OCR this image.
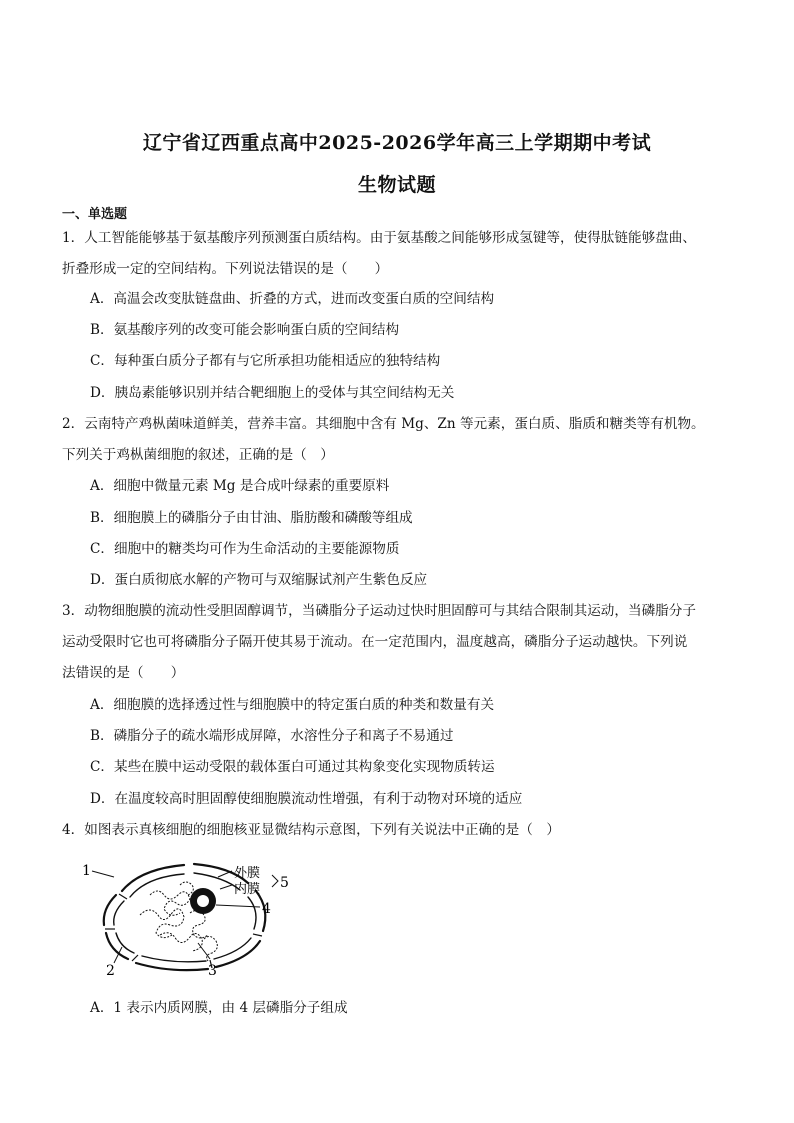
辽宁省辽西重点高中2025-2026学年高三上学期期中考试
生物试题
一、单选题
1．人工智能能够基于氨基酸序列预测蛋白质结构。由于氨基酸之间能够形成氢键等，使得肽链能够盘曲、
折叠形成一定的空间结构。下列说法错误的是（　　）
A．高温会改变肽链盘曲、折叠的方式，进而改变蛋白质的空间结构
B．氨基酸序列的改变可能会影响蛋白质的空间结构
C．每种蛋白质分子都有与它所承担功能相适应的独特结构
D．胰岛素能够识别并结合靶细胞上的受体与其空间结构无关
2．云南特产鸡枞菌味道鲜美，营养丰富。其细胞中含有 Mg、Zn 等元素，蛋白质、脂质和糖类等有机物。
下列关于鸡枞菌细胞的叙述，正确的是（　）
A．细胞中微量元素 Mg 是合成叶绿素的重要原料
B．细胞膜上的磷脂分子由甘油、脂肪酸和磷酸等组成
C．细胞中的糖类均可作为生命活动的主要能源物质
D．蛋白质彻底水解的产物可与双缩脲试剂产生紫色反应
3．动物细胞膜的流动性受胆固醇调节，当磷脂分子运动过快时胆固醇可与其结合限制其运动，当磷脂分子
运动受限时它也可将磷脂分子隔开使其易于流动。在一定范围内，温度越高，磷脂分子运动越快。下列说
法错误的是（　　）
A．细胞膜的选择透过性与细胞膜中的特定蛋白质的种类和数量有关
B．磷脂分子的疏水端形成屏障，水溶性分子和离子不易通过
C．某些在膜中运动受限的载体蛋白可通过其构象变化实现物质转运
D．在温度较高时胆固醇使细胞膜流动性增强，有利于动物对环境的适应
4．如图表示真核细胞的细胞核亚显微结构示意图，下列有关说法中正确的是（　）
1	外膜
内膜 5
4
2	3
A．1 表示内质网膜，由 4 层磷脂分子组成
